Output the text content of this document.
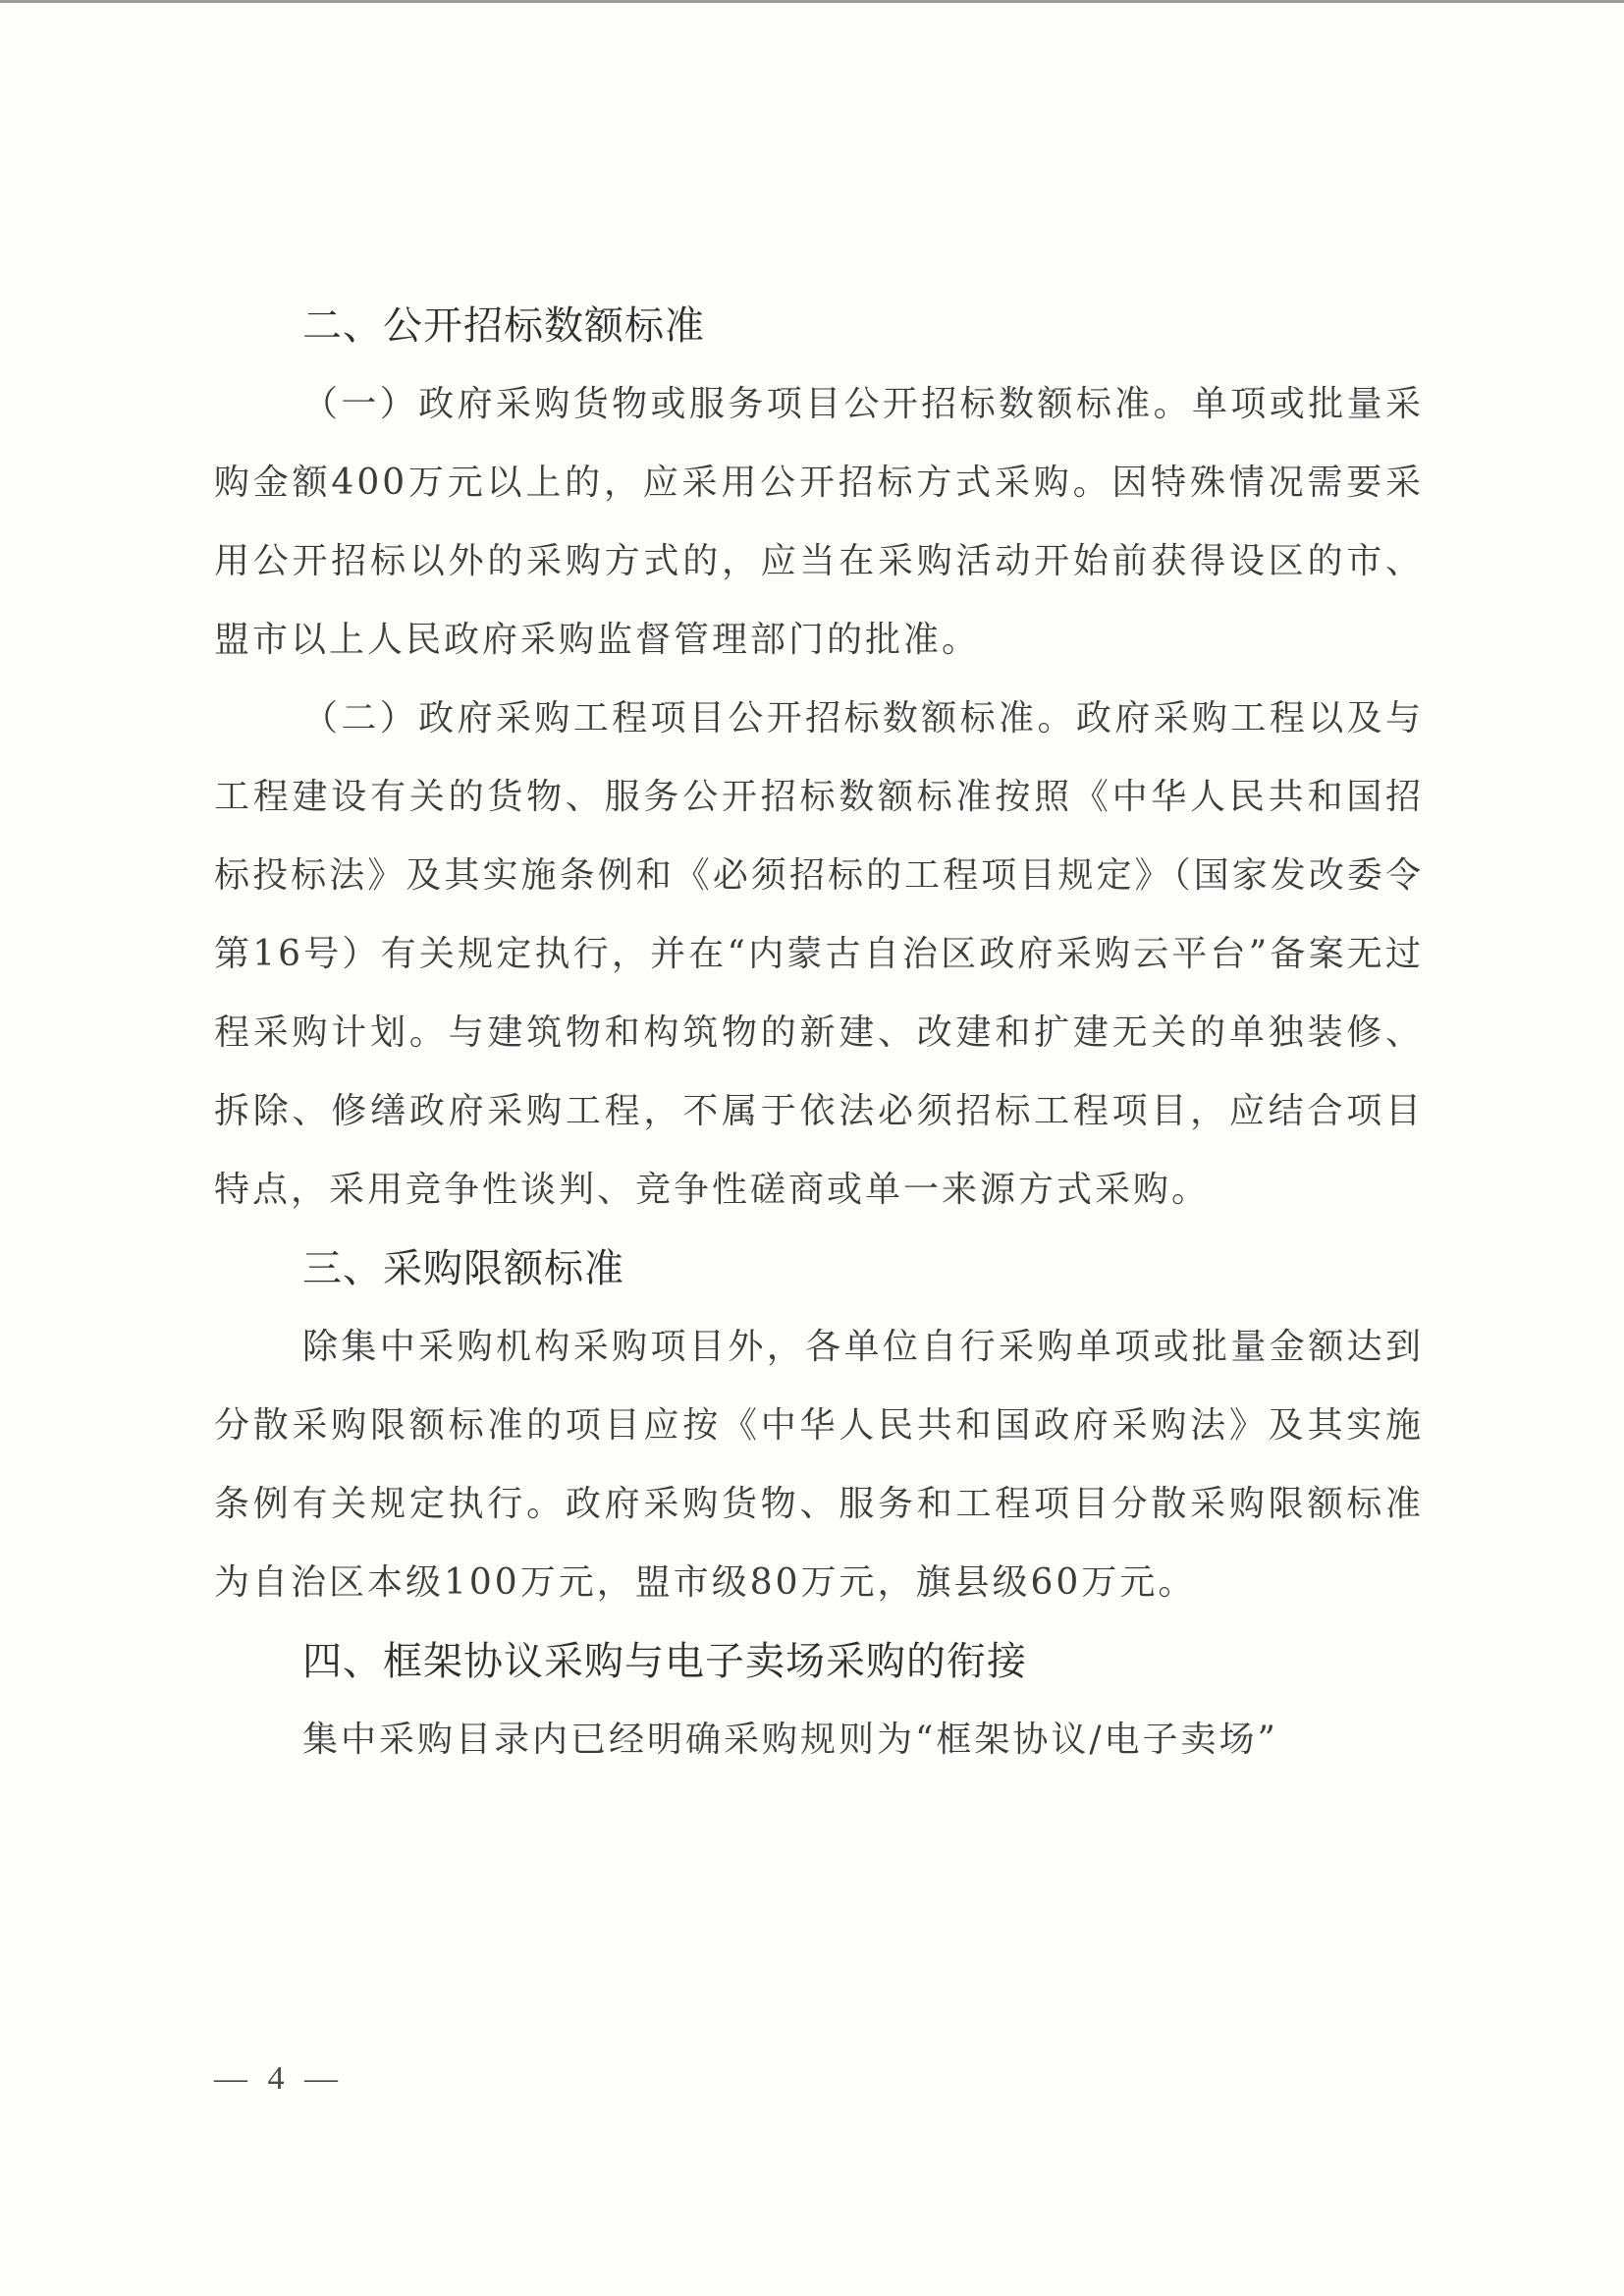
二、公开招标数额标准

（一）政府采购货物或服务项目公开招标数额标准。单项或批量采购金额400万元以上的，应采用公开招标方式采购。因特殊情况需要采用公开招标以外的采购方式的，应当在采购活动开始前获得设区的市、盟市以上人民政府采购监督管理部门的批准。

（二）政府采购工程项目公开招标数额标准。政府采购工程以及与工程建设有关的货物、服务公开招标数额标准按照《中华人民共和国招标投标法》及其实施条例和《必须招标的工程项目规定》（国家发改委令第16号）有关规定执行，并在“内蒙古自治区政府采购云平台”备案无过程采购计划。与建筑物和构筑物的新建、改建和扩建无关的单独装修、拆除、修缮政府采购工程，不属于依法必须招标工程项目，应结合项目特点，采用竞争性谈判、竞争性磋商或单一来源方式采购。

三、采购限额标准

除集中采购机构采购项目外，各单位自行采购单项或批量金额达到分散采购限额标准的项目应按《中华人民共和国政府采购法》及其实施条例有关规定执行。政府采购货物、服务和工程项目分散采购限额标准为自治区本级100万元，盟市级80万元，旗县级60万元。

四、框架协议采购与电子卖场采购的衔接

集中采购目录内已经明确采购规则为“框架协议/电子卖场”

— 4 —
